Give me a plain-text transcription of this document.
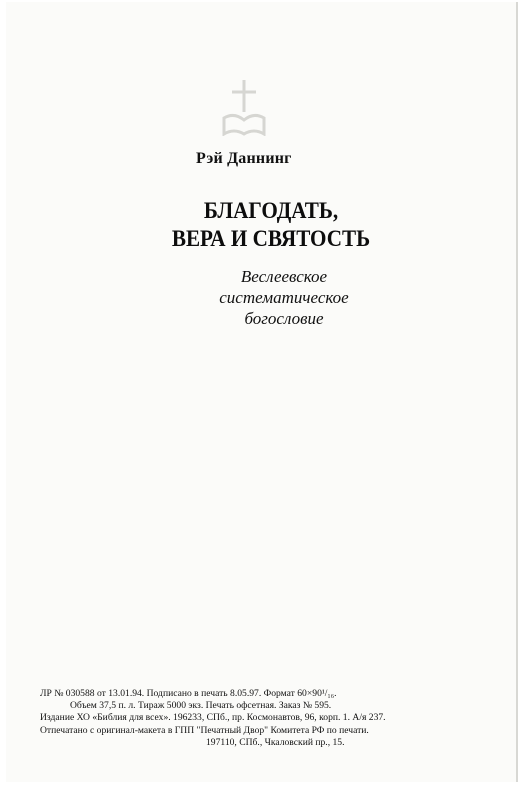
Рэй Даннинг
БЛАГОДАТЬ,
ВЕРА И СВЯТОСТЬ
Веслеевское
систематическое богословие
ЛР № 030588 от 13.01.94. Подписано в печать 8.05.97. Формат 60×90¹/₁₆.
Объем 37,5 п. л. Тираж 5000 экз. Печать офсетная. Заказ № 595.
Издание ХО «Библия для всех». 196233, СПб., пр. Космонавтов, 96, корп. 1. А/я 237.
Отпечатано с оригинал-макета в ГПП "Печатный Двор" Комитета РФ по печати.
197110, СПб., Чкаловский пр., 15.
